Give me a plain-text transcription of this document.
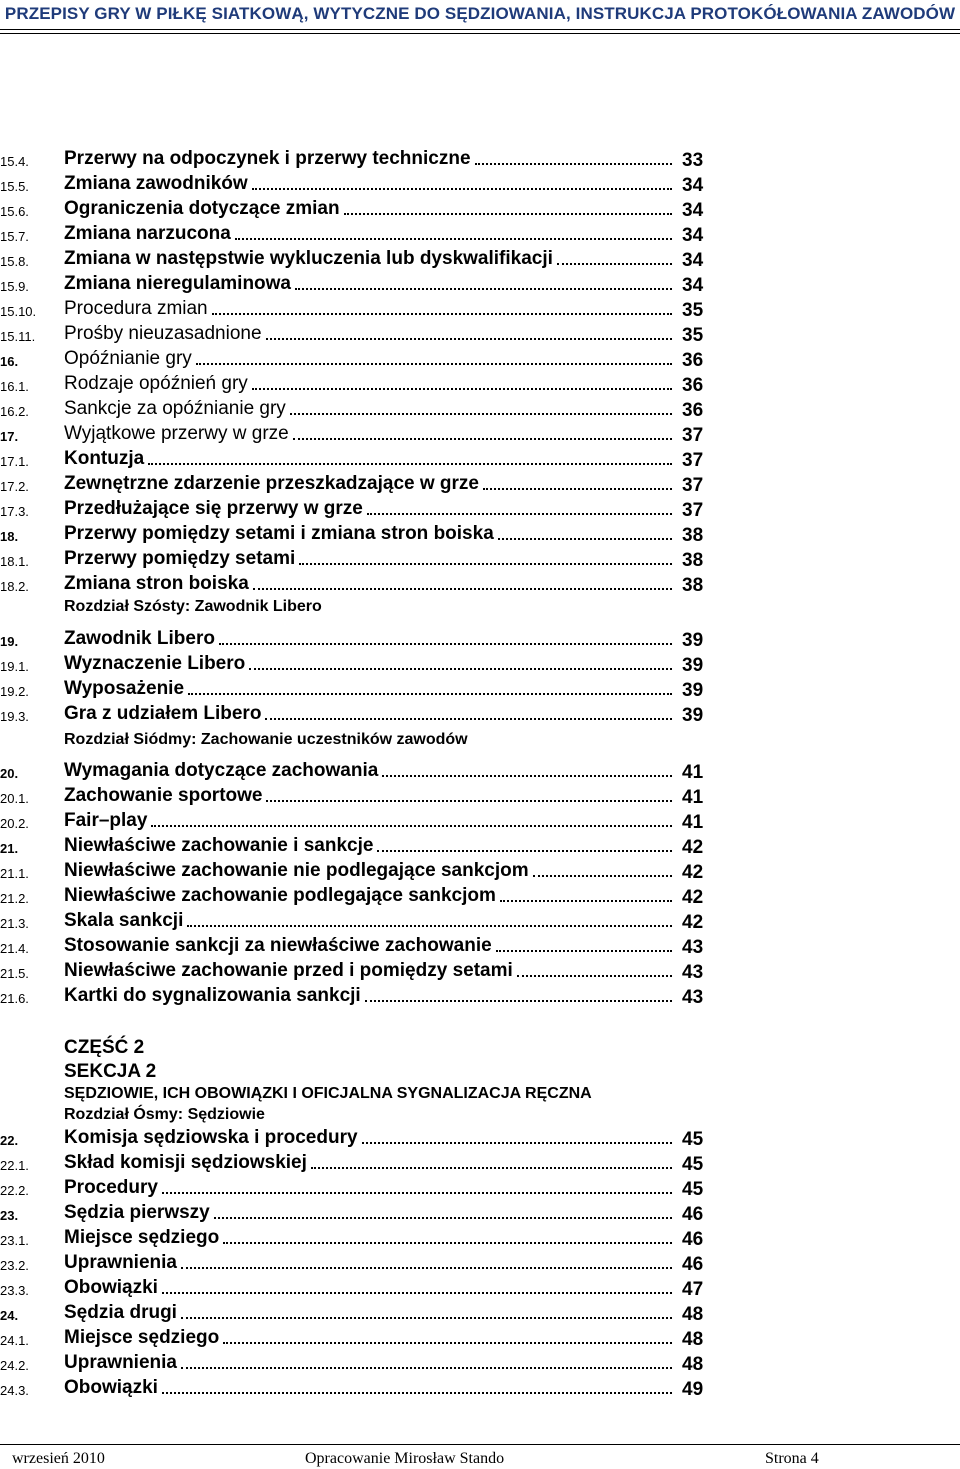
PRZEPISY GRY W PIŁKĘ SIATKOWĄ, WYTYCZNE DO SĘDZIOWANIA, INSTRUKCJA PROTOKÓŁOWANIA ZAWODÓW
15.4. Przerwy na odpoczynek i przerwy techniczne	33
15.5. Zmiana zawodników	34
15.6. Ograniczenia dotyczące zmian	34
15.7. Zmiana narzucona	34
15.8. Zmiana w następstwie wykluczenia lub dyskwalifikacji	34
15.9. Zmiana nieregulaminowa	34
15.10. Procedura zmian	35
15.11. Prośby nieuzasadnione	35
16. Opóźnianie gry	36
16.1. Rodzaje opóźnień gry	36
16.2. Sankcje za opóźnianie gry	36
17. Wyjątkowe przerwy w grze	37
17.1. Kontuzja	37
17.2. Zewnętrzne zdarzenie przeszkadzające w grze	37
17.3. Przedłużające się przerwy w grze	37
18. Przerwy pomiędzy setami i zmiana stron boiska	38
18.1. Przerwy pomiędzy setami	38
18.2. Zmiana stron boiska	38
Rozdział Szósty: Zawodnik Libero
19. Zawodnik Libero	39
19.1. Wyznaczenie Libero	39
19.2. Wyposażenie	39
19.3. Gra z udziałem Libero	39
Rozdział Siódmy: Zachowanie uczestników zawodów
20. Wymagania dotyczące zachowania	41
20.1. Zachowanie sportowe	41
20.2. Fair–play	41
21. Niewłaściwe zachowanie i sankcje	42
21.1. Niewłaściwe zachowanie nie podlegające sankcjom	42
21.2. Niewłaściwe zachowanie podlegające sankcjom	42
21.3. Skala sankcji	42
21.4. Stosowanie sankcji za niewłaściwe zachowanie	43
21.5. Niewłaściwe zachowanie przed i pomiędzy setami	43
21.6. Kartki do sygnalizowania sankcji	43
CZĘŚĆ 2
SEKCJA 2
SĘDZIOWIE, ICH OBOWIĄZKI I OFICJALNA SYGNALIZACJA RĘCZNA
Rozdział Ósmy: Sędziowie
22. Komisja sędziowska i procedury	45
22.1. Skład komisji sędziowskiej	45
22.2. Procedury	45
23. Sędzia pierwszy	46
23.1. Miejsce sędziego	46
23.2. Uprawnienia	46
23.3. Obowiązki	47
24. Sędzia drugi	48
24.1. Miejsce sędziego	48
24.2. Uprawnienia	48
24.3. Obowiązki	49
wrzesień 2010	Opracowanie Mirosław Stando	Strona 4
